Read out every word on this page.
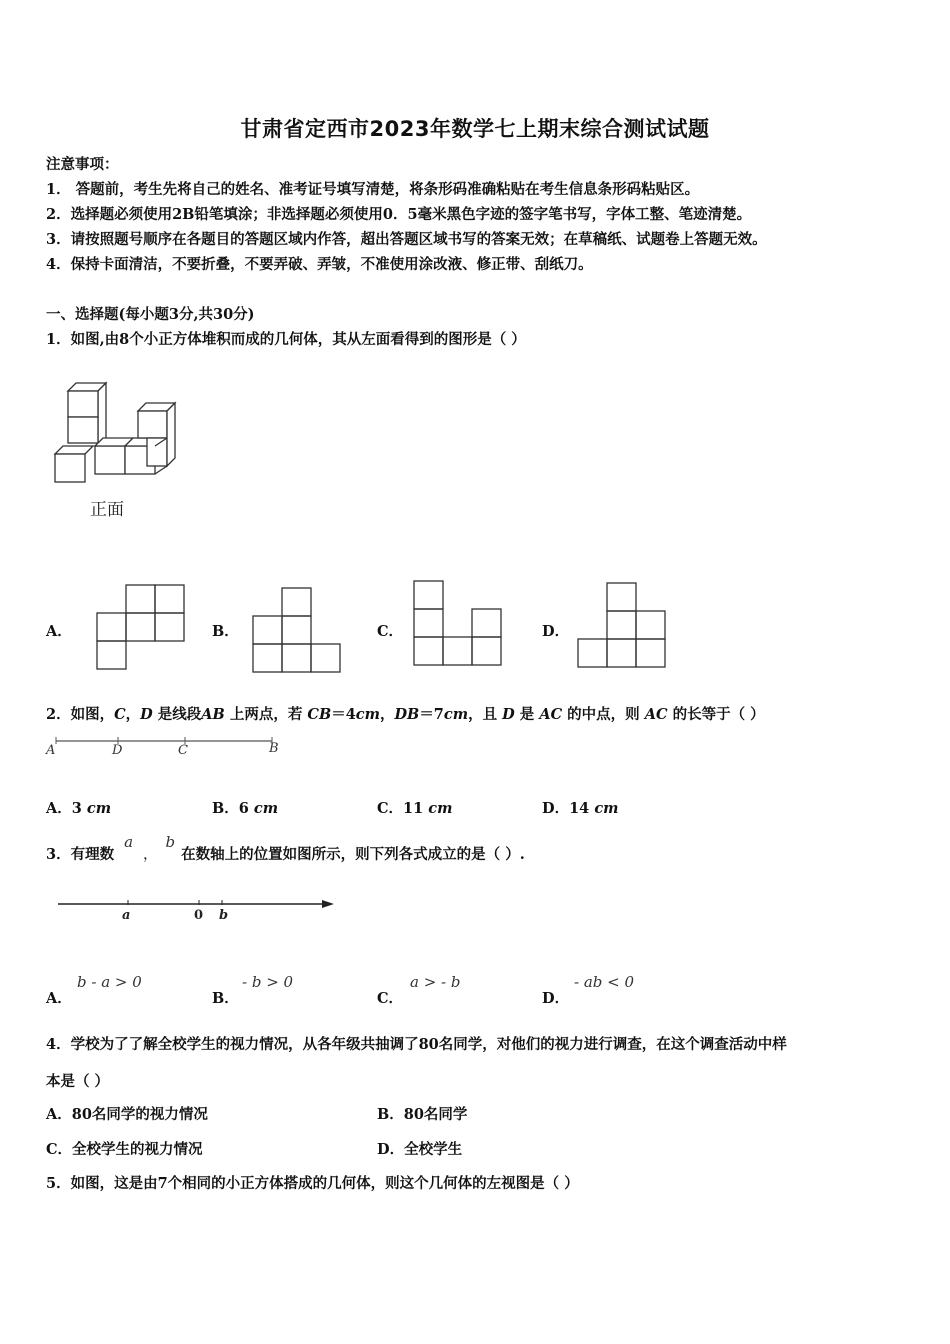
甘肃省定西市2023年数学七上期末综合测试试题
注意事项：
1． 答题前，考生先将自己的姓名、准考证号填写清楚，将条形码准确粘贴在考生信息条形码粘贴区。
2．选择题必须使用2B铅笔填涂；非选择题必须使用0．5毫米黑色字迹的签字笔书写，字体工整、笔迹清楚。
3．请按照题号顺序在各题目的答题区域内作答，超出答题区域书写的答案无效；在草稿纸、试题卷上答题无效。
4．保持卡面清洁，不要折叠，不要弄破、弄皱，不准使用涂改液、修正带、刮纸刀。
一、选择题(每小题3分,共30分)
1．如图,由8个小正方体堆积而成的几何体，其从左面看得到的图形是（ ）
正面
A．	B．	C．	D．
2．如图，C，D 是线段AB 上两点，若 CB＝4cm，DB＝7cm，且 D 是 AC 的中点，则 AC 的长等于（ ）
A	D	C	B
A．3 cm	B．6 cm	C．11 cm	D．14 cm
3．有理数a，b在数轴上的位置如图所示，则下列各式成立的是（ ）.
a	0 b
A．
b - a > 0
B．
- b > 0
C．
a > - b
D．
- ab < 0
4．学校为了了解全校学生的视力情况，从各年级共抽调了80名同学，对他们的视力进行调查，在这个调查活动中样
本是（ ）
A．80名同学的视力情况	B．80名同学
C．全校学生的视力情况	D．全校学生
5．如图，这是由7个相同的小正方体搭成的几何体，则这个几何体的左视图是（ ）
